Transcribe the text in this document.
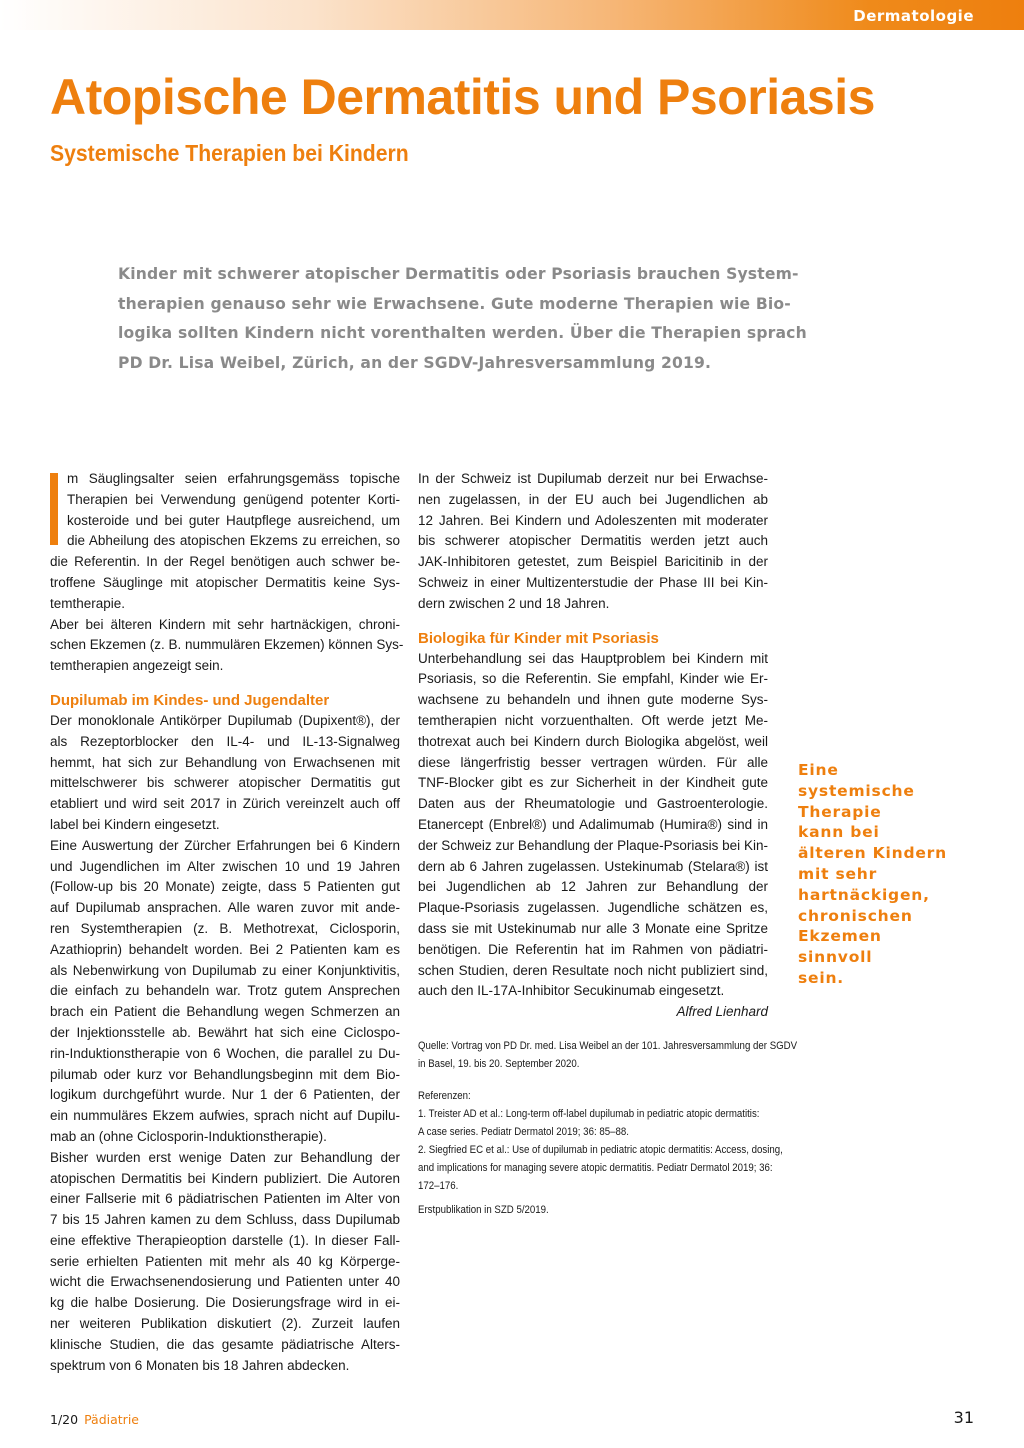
Dermatologie
Atopische Dermatitis und Psoriasis
Systemische Therapien bei Kindern
Kinder mit schwerer atopischer Dermatitis oder Psoriasis brauchen System-
therapien genauso sehr wie Erwachsene. Gute moderne Therapien wie Bio-
logika sollten Kindern nicht vorenthalten werden. Über die Therapien sprach
PD Dr. Lisa Weibel, Zürich, an der SGDV-Jahresversammlung 2019.
m Säuglingsalter seien erfahrungsgemäss topische
Therapien bei Verwendung genügend potenter Korti-
kosteroide und bei guter Hautpflege ausreichend, um
die Abheilung des atopischen Ekzems zu erreichen, so
die Referentin. In der Regel benötigen auch schwer be-
troffene Säuglinge mit atopischer Dermatitis keine Sys-
temtherapie.
Aber bei älteren Kindern mit sehr hartnäckigen, chroni-
schen Ekzemen (z. B. nummulären Ekzemen) können Sys-
temtherapien angezeigt sein.
Dupilumab im Kindes- und Jugendalter
Der monoklonale Antikörper Dupilumab (Dupixent®), der
als Rezeptorblocker den IL-4- und IL-13-Signalweg
hemmt, hat sich zur Behandlung von Erwachsenen mit
mittelschwerer bis schwerer atopischer Dermatitis gut
etabliert und wird seit 2017 in Zürich vereinzelt auch off
label bei Kindern eingesetzt.
Eine Auswertung der Zürcher Erfahrungen bei 6 Kindern
und Jugendlichen im Alter zwischen 10 und 19 Jahren
(Follow-up bis 20 Monate) zeigte, dass 5 Patienten gut
auf Dupilumab ansprachen. Alle waren zuvor mit ande-
ren Systemtherapien (z. B. Methotrexat, Ciclosporin,
Azathioprin) behandelt worden. Bei 2 Patienten kam es
als Nebenwirkung von Dupilumab zu einer Konjunktivitis,
die einfach zu behandeln war. Trotz gutem Ansprechen
brach ein Patient die Behandlung wegen Schmerzen an
der Injektionsstelle ab. Bewährt hat sich eine Ciclospo-
rin-Induktionstherapie von 6 Wochen, die parallel zu Du-
pilumab oder kurz vor Behandlungsbeginn mit dem Bio-
logikum durchgeführt wurde. Nur 1 der 6 Patienten, der
ein nummuläres Ekzem aufwies, sprach nicht auf Dupilu-
mab an (ohne Ciclosporin-Induktionstherapie).
Bisher wurden erst wenige Daten zur Behandlung der
atopischen Dermatitis bei Kindern publiziert. Die Autoren
einer Fallserie mit 6 pädiatrischen Patienten im Alter von
7 bis 15 Jahren kamen zu dem Schluss, dass Dupilumab
eine effektive Therapieoption darstelle (1). In dieser Fall-
serie erhielten Patienten mit mehr als 40 kg Körperge-
wicht die Erwachsenendosierung und Patienten unter 40
kg die halbe Dosierung. Die Dosierungsfrage wird in ei-
ner weiteren Publikation diskutiert (2). Zurzeit laufen
klinische Studien, die das gesamte pädiatrische Alters-
spektrum von 6 Monaten bis 18 Jahren abdecken.
In der Schweiz ist Dupilumab derzeit nur bei Erwachse-
nen zugelassen, in der EU auch bei Jugendlichen ab
12 Jahren. Bei Kindern und Adoleszenten mit moderater
bis schwerer atopischer Dermatitis werden jetzt auch
JAK-Inhibitoren getestet, zum Beispiel Baricitinib in der
Schweiz in einer Multizenterstudie der Phase III bei Kin-
dern zwischen 2 und 18 Jahren.
Biologika für Kinder mit Psoriasis
Unterbehandlung sei das Hauptproblem bei Kindern mit
Psoriasis, so die Referentin. Sie empfahl, Kinder wie Er-
wachsene zu behandeln und ihnen gute moderne Sys-
temtherapien nicht vorzuenthalten. Oft werde jetzt Me-
thotrexat auch bei Kindern durch Biologika abgelöst, weil
diese längerfristig besser vertragen würden. Für alle
TNF-Blocker gibt es zur Sicherheit in der Kindheit gute
Daten aus der Rheumatologie und Gastroenterologie.
Etanercept (Enbrel®) und Adalimumab (Humira®) sind in
der Schweiz zur Behandlung der Plaque-Psoriasis bei Kin-
dern ab 6 Jahren zugelassen. Ustekinumab (Stelara®) ist
bei Jugendlichen ab 12 Jahren zur Behandlung der
Plaque-Psoriasis zugelassen. Jugendliche schätzen es,
dass sie mit Ustekinumab nur alle 3 Monate eine Spritze
benötigen. Die Referentin hat im Rahmen von pädiatri-
schen Studien, deren Resultate noch nicht publiziert sind,
auch den IL-17A-Inhibitor Secukinumab eingesetzt.
Alfred Lienhard
Quelle: Vortrag von PD Dr. med. Lisa Weibel an der 101. Jahresversammlung der SGDV
in Basel, 19. bis 20. September 2020.
Referenzen:
1. Treister AD et al.: Long-term off-label dupilumab in pediatric atopic dermatitis:
A case series. Pediatr Dermatol 2019; 36: 85–88.
2. Siegfried EC et al.: Use of dupilumab in pediatric atopic dermatitis: Access, dosing,
and implications for managing severe atopic dermatitis. Pediatr Dermatol 2019; 36:
172–176.
Erstpublikation in SZD 5/2019.
Eine
systemische
Therapie
kann bei
älteren Kindern
mit sehr
hartnäckigen,
chronischen
Ekzemen
sinnvoll
sein.
1/20 Pädiatrie	31
